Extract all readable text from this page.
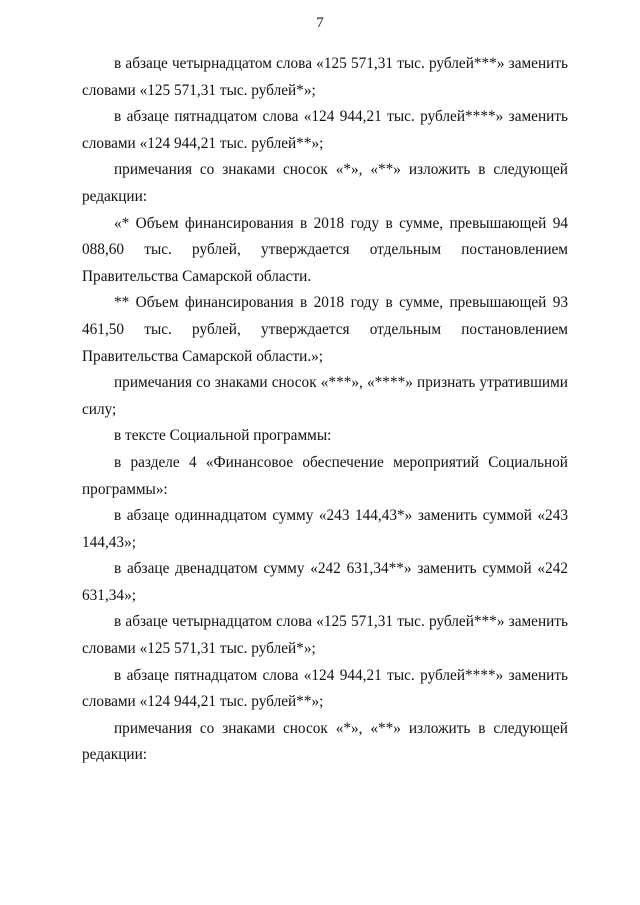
7

в абзаце четырнадцатом слова «125 571,31 тыс. рублей***» заменить словами «125 571,31 тыс. рублей*»;

в абзаце пятнадцатом слова «124 944,21 тыс. рублей****» заменить словами «124 944,21 тыс. рублей**»;

примечания со знаками сносок «*», «**» изложить в следующей редакции:

«* Объем финансирования в 2018 году в сумме, превышающей 94 088,60 тыс. рублей, утверждается отдельным постановлением Правительства Самарской области.

** Объем финансирования в 2018 году в сумме, превышающей 93 461,50 тыс. рублей, утверждается отдельным постановлением Правительства Самарской области.»;

примечания со знаками сносок «***», «****» признать утратившими силу;

в тексте Социальной программы:

в разделе 4 «Финансовое обеспечение мероприятий Социальной программы»:

в абзаце одиннадцатом сумму «243 144,43*» заменить суммой «243 144,43»;

в абзаце двенадцатом сумму «242 631,34**» заменить суммой «242 631,34»;

в абзаце четырнадцатом слова «125 571,31 тыс. рублей***» заменить словами «125 571,31 тыс. рублей*»;

в абзаце пятнадцатом слова «124 944,21 тыс. рублей****» заменить словами «124 944,21 тыс. рублей**»;

примечания со знаками сносок «*», «**» изложить в следующей редакции:
